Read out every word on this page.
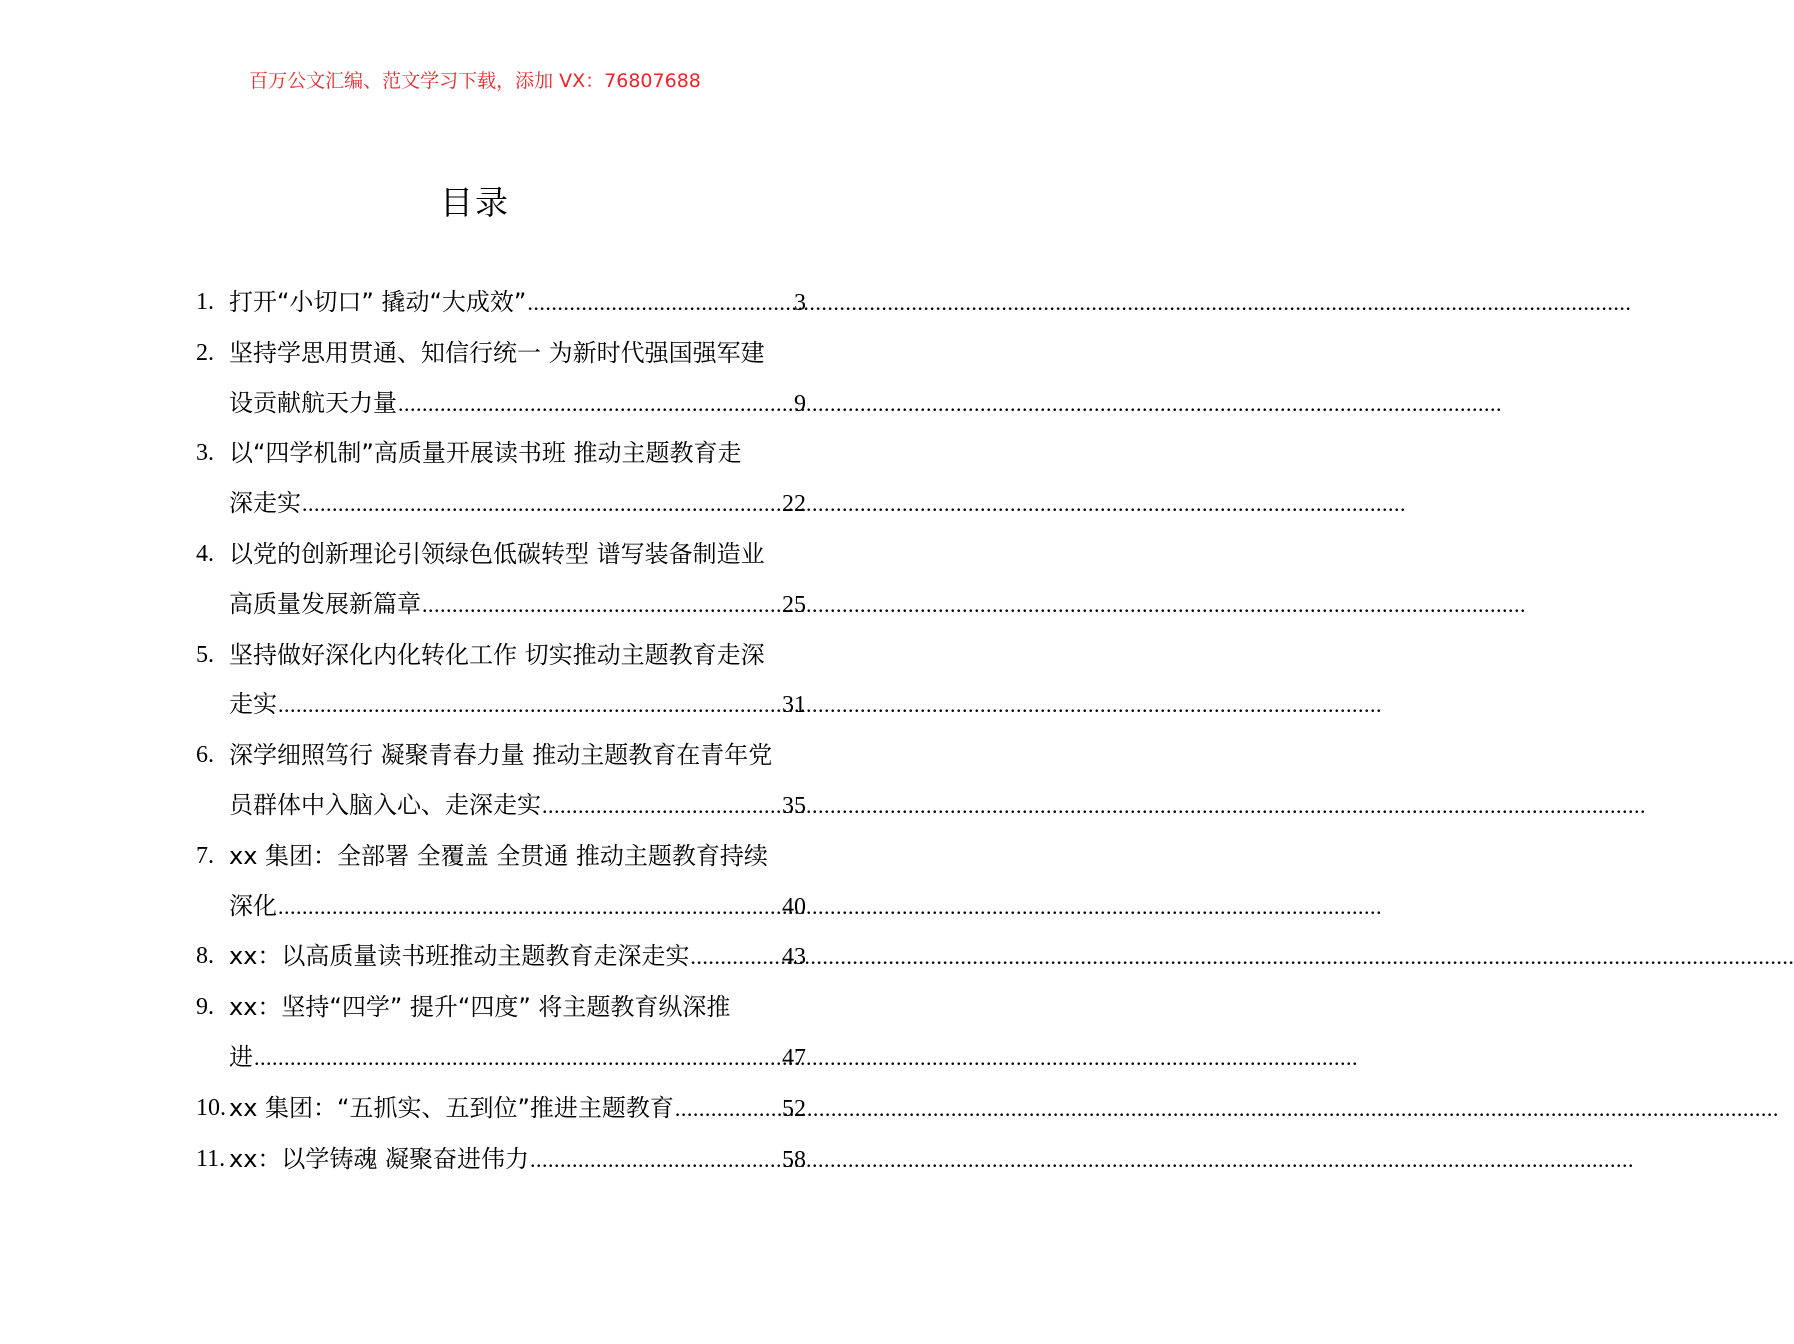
百万公文汇编、范文学习下载，添加 VX：76807688
目录
1. 打开“小切口” 撬动“大成效” .....	3
2. 坚持学思用贯通、知信行统一 为新时代强国强军建
设贡献航天力量 .....	9
3. 以“四学机制”高质量开展读书班 推动主题教育走
深走实 .....	22
4. 以党的创新理论引领绿色低碳转型 谱写装备制造业
高质量发展新篇章 .....	25
5. 坚持做好深化内化转化工作 切实推动主题教育走深
走实 .....	31
6. 深学细照笃行 凝聚青春力量 推动主题教育在青年党
员群体中入脑入心、走深走实 .....	35
7. xx 集团：全部署 全覆盖 全贯通 推动主题教育持续
深化 .....	40
8. xx：以高质量读书班推动主题教育走深走实 .....	43
9. xx：坚持“四学” 提升“四度” 将主题教育纵深推
进 .....	47
10. xx 集团：“五抓实、五到位”推进主题教育 .....	52
11. xx：以学铸魂 凝聚奋进伟力 .....	58
